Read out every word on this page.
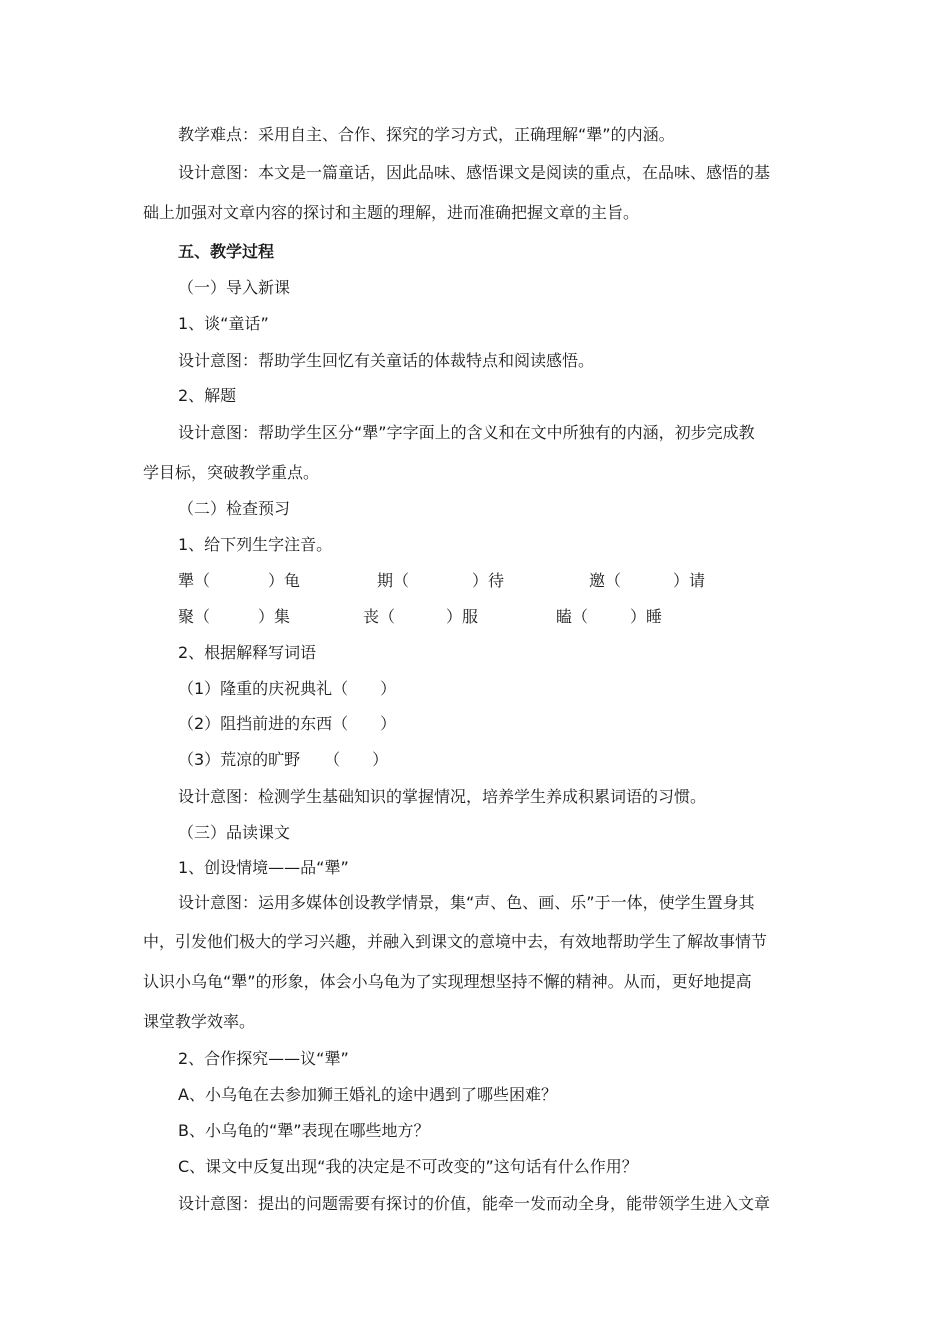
教学难点：采用自主、合作、探究的学习方式，正确理解“犟”的内涵。
设计意图：本文是一篇童话，因此品味、感悟课文是阅读的重点，在品味、感悟的基
础上加强对文章内容的探讨和主题的理解，进而准确把握文章的主旨。
五、教学过程
（一）导入新课
1、谈“童话”
设计意图：帮助学生回忆有关童话的体裁特点和阅读感悟。
2、解题
设计意图：帮助学生区分“犟”字字面上的含义和在文中所独有的内涵，初步完成教
学目标，突破教学重点。
（二）检查预习
1、给下列生字注音。
犟（	）龟	期（	）待	邀（	）请
聚（	）集	丧（	）服	瞌（	）睡
2、根据解释写词语
（1）隆重的庆祝典礼（　　）
（2）阻挡前进的东西（　　）
（3）荒凉的旷野　　（　　）
设计意图：检测学生基础知识的掌握情况，培养学生养成积累词语的习惯。
（三）品读课文
1、创设情境——品“犟”
设计意图：运用多媒体创设教学情景，集“声、色、画、乐”于一体，使学生置身其
中，引发他们极大的学习兴趣，并融入到课文的意境中去，有效地帮助学生了解故事情节
认识小乌龟“犟”的形象，体会小乌龟为了实现理想坚持不懈的精神。从而，更好地提高
课堂教学效率。
2、合作探究——议“犟”
A、小乌龟在去参加狮王婚礼的途中遇到了哪些困难？
B、小乌龟的“犟”表现在哪些地方？
C、课文中反复出现“我的决定是不可改变的”这句话有什么作用？
设计意图：提出的问题需要有探讨的价值，能牵一发而动全身，能带领学生进入文章
